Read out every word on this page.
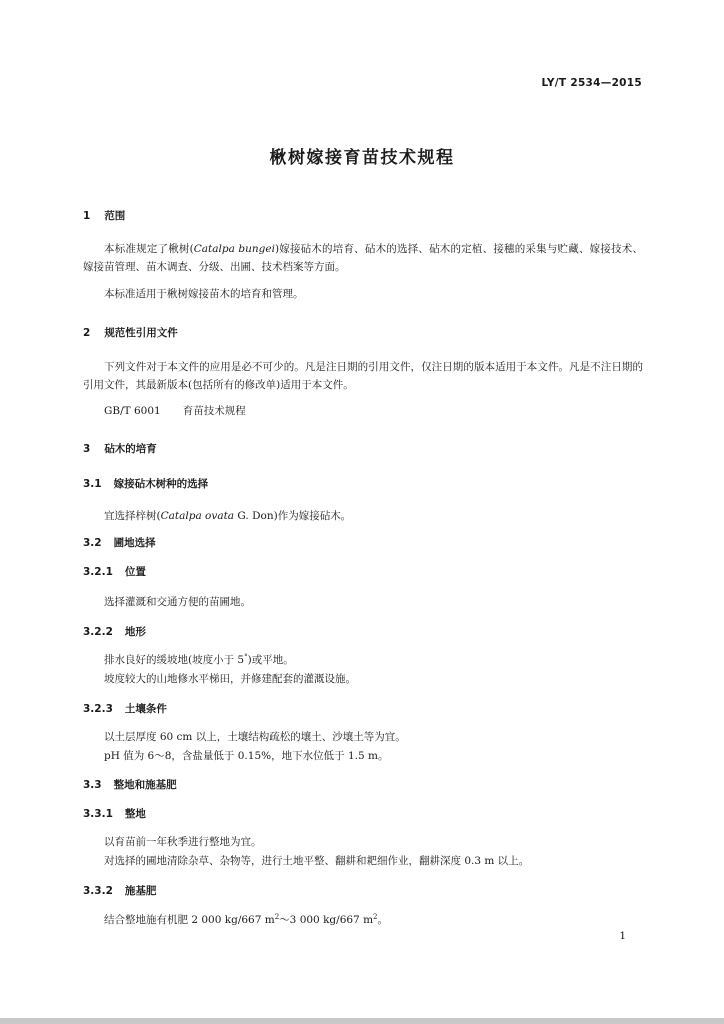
LY/T 2534—2015
楸树嫁接育苗技术规程
1 范围
本标准规定了楸树(Catalpa bungei)嫁接砧木的培育、砧木的选择、砧木的定植、接穗的采集与贮藏、嫁接技术、嫁接苗管理、苗木调查、分级、出圃、技术档案等方面。
本标准适用于楸树嫁接苗木的培育和管理。
2 规范性引用文件
下列文件对于本文件的应用是必不可少的。凡是注日期的引用文件，仅注日期的版本适用于本文件。凡是不注日期的引用文件，其最新版本(包括所有的修改单)适用于本文件。
GB/T 6001 育苗技术规程
3 砧木的培育
3.1 嫁接砧木树种的选择
宜选择梓树(Catalpa ovata G. Don)作为嫁接砧木。
3.2 圃地选择
3.2.1 位置
选择灌溉和交通方便的苗圃地。
3.2.2 地形
排水良好的缓坡地(坡度小于 5°)或平地。
坡度较大的山地修水平梯田，并修建配套的灌溉设施。
3.2.3 土壤条件
以土层厚度 60 cm 以上，土壤结构疏松的壤土、沙壤土等为宜。
pH 值为 6～8，含盐量低于 0.15%，地下水位低于 1.5 m。
3.3 整地和施基肥
3.3.1 整地
以育苗前一年秋季进行整地为宜。
对选择的圃地清除杂草、杂物等，进行土地平整、翻耕和耙细作业，翻耕深度 0.3 m 以上。
3.3.2 施基肥
结合整地施有机肥 2 000 kg/667 $m^2\sim 3$ 000 kg/667 $m^2$。
1
